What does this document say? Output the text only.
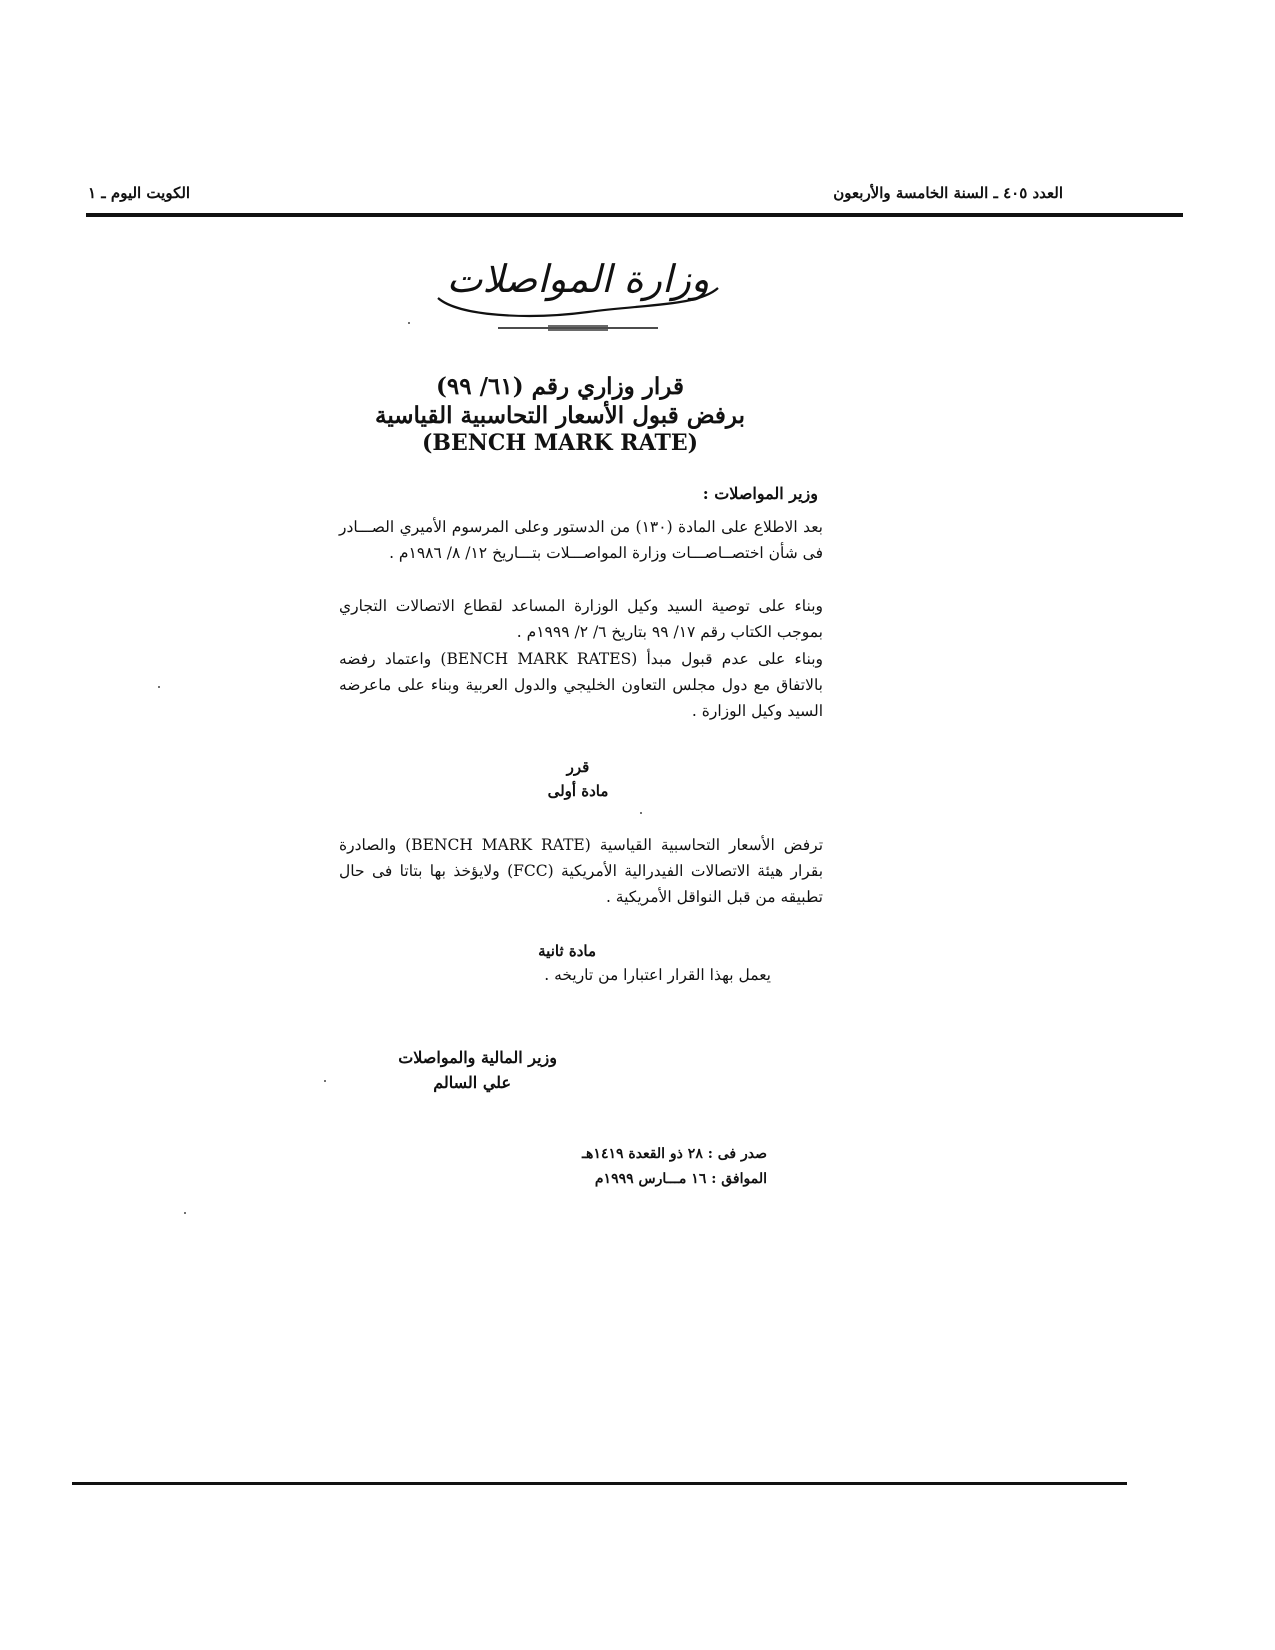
العدد ٤٠٥ ـ السنة الخامسة والأربعون
الكويت اليوم ـ ١
وزارة المواصلات
قرار وزاري رقم (٦١/ ٩٩)
برفض قبول الأسعار التحاسبية القياسية
(BENCH MARK RATE)
وزير المواصلات :
بعد الاطلاع على المادة (١٣٠) من الدستور وعلى المرسوم الأميري الصـــادر فى شأن اختصــاصـــات وزارة المواصـــلات بتـــاريخ ١٢/ ٨/ ١٩٨٦م .
وبناء على توصية السيد وكيل الوزارة المساعد لقطاع الاتصالات التجاري بموجب الكتاب رقم ١٧/ ٩٩ بتاريخ ٦/ ٢/ ١٩٩٩م .
وبناء على عدم قبول مبدأ (BENCH MARK RATES) واعتماد رفضه بالاتفاق مع دول مجلس التعاون الخليجي والدول العربية وبناء على ماعرضه السيد وكيل الوزارة .
قرر
مادة أولى
ترفض الأسعار التحاسبية القياسية (BENCH MARK RATE) والصادرة بقرار هيئة الاتصالات الفيدرالية الأمريكية (FCC) ولايؤخذ بها بتاتا فى حال تطبيقه من قبل النواقل الأمريكية .
مادة ثانية
يعمل بهذا القرار اعتبارا من تاريخه .
وزير المالية والمواصلات
علي السالم
صدر فى : ٢٨ ذو القعدة ١٤١٩هـ
الموافق : ١٦ مـــارس ١٩٩٩م
